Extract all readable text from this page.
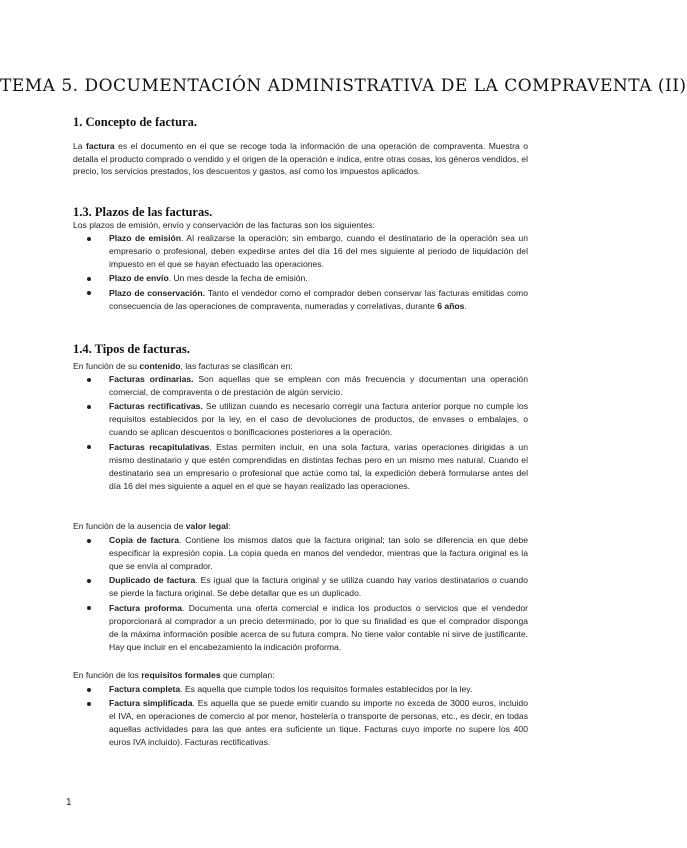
TEMA 5. DOCUMENTACIÓN ADMINISTRATIVA DE LA COMPRAVENTA (II)
1. Concepto de factura.
La factura es el documento en el que se recoge toda la información de una operación de compraventa. Muestra o detalla el producto comprado o vendido y el origen de la operación e indica, entre otras cosas, los géneros vendidos, el precio, los servicios prestados, los descuentos y gastos, así como los impuestos aplicados.
1.3. Plazos de las facturas.
Los plazos de emisión, envío y conservación de las facturas son los siguientes:
Plazo de emisión. Al realizarse la operación; sin embargo, cuando el destinatario de la operación sea un empresario o profesional, deben expedirse antes del día 16 del mes siguiente al periodo de liquidación del impuesto en el que se hayan efectuado las operaciones.
Plazo de envío. Un mes desde la fecha de emisión.
Plazo de conservación. Tanto el vendedor como el comprador deben conservar las facturas emitidas como consecuencia de las operaciones de compraventa, numeradas y correlativas, durante 6 años.
1.4. Tipos de facturas.
En función de su contenido, las facturas se clasifican en:
Facturas ordinarias. Son aquellas que se emplean con más frecuencia y documentan una operación comercial, de compraventa o de prestación de algún servicio.
Facturas rectificativas. Se utilizan cuando es necesario corregir una factura anterior porque no cumple los requisitos establecidos por la ley, en el caso de devoluciones de productos, de envases o embalajes, o cuando se aplican descuentos o bonificaciones posteriores a la operación.
Facturas recapitulativas. Estas permiten incluir, en una sola factura, varias operaciones dirigidas a un mismo destinatario y que estén comprendidas en distintas fechas pero en un mismo mes natural. Cuando el destinatario sea un empresario o profesional que actúe como tal, la expedición deberá formularse antes del día 16 del mes siguiente a aquel en el que se hayan realizado las operaciones.
En función de la ausencia de valor legal:
Copia de factura. Contiene los mismos datos que la factura original; tan solo se diferencia en que debe especificar la expresión copia. La copia queda en manos del vendedor, mientras que la factura original es la que se envía al comprador.
Duplicado de factura. Es igual que la factura original y se utiliza cuando hay varios destinatarios o cuando se pierde la factura original. Se debe detallar que es un duplicado.
Factura proforma. Documenta una oferta comercial e indica los productos o servicios que el vendedor proporcionará al comprador a un precio determinado, por lo que su finalidad es que el comprador disponga de la máxima información posible acerca de su futura compra. No tiene valor contable ni sirve de justificante. Hay que incluir en el encabezamiento la indicación proforma.
En función de los requisitos formales que cumplan:
Factura completa. Es aquella que cumple todos los requisitos formales establecidos por la ley.
Factura simplificada. Es aquella que se puede emitir cuando su importe no exceda de 3000 euros, incluido el IVA, en operaciones de comercio al por menor, hostelería o transporte de personas, etc., es decir, en todas aquellas actividades para las que antes era suficiente un tique. Facturas cuyo importe no supere los 400 euros IVA incluido). Facturas rectificativas.
1
